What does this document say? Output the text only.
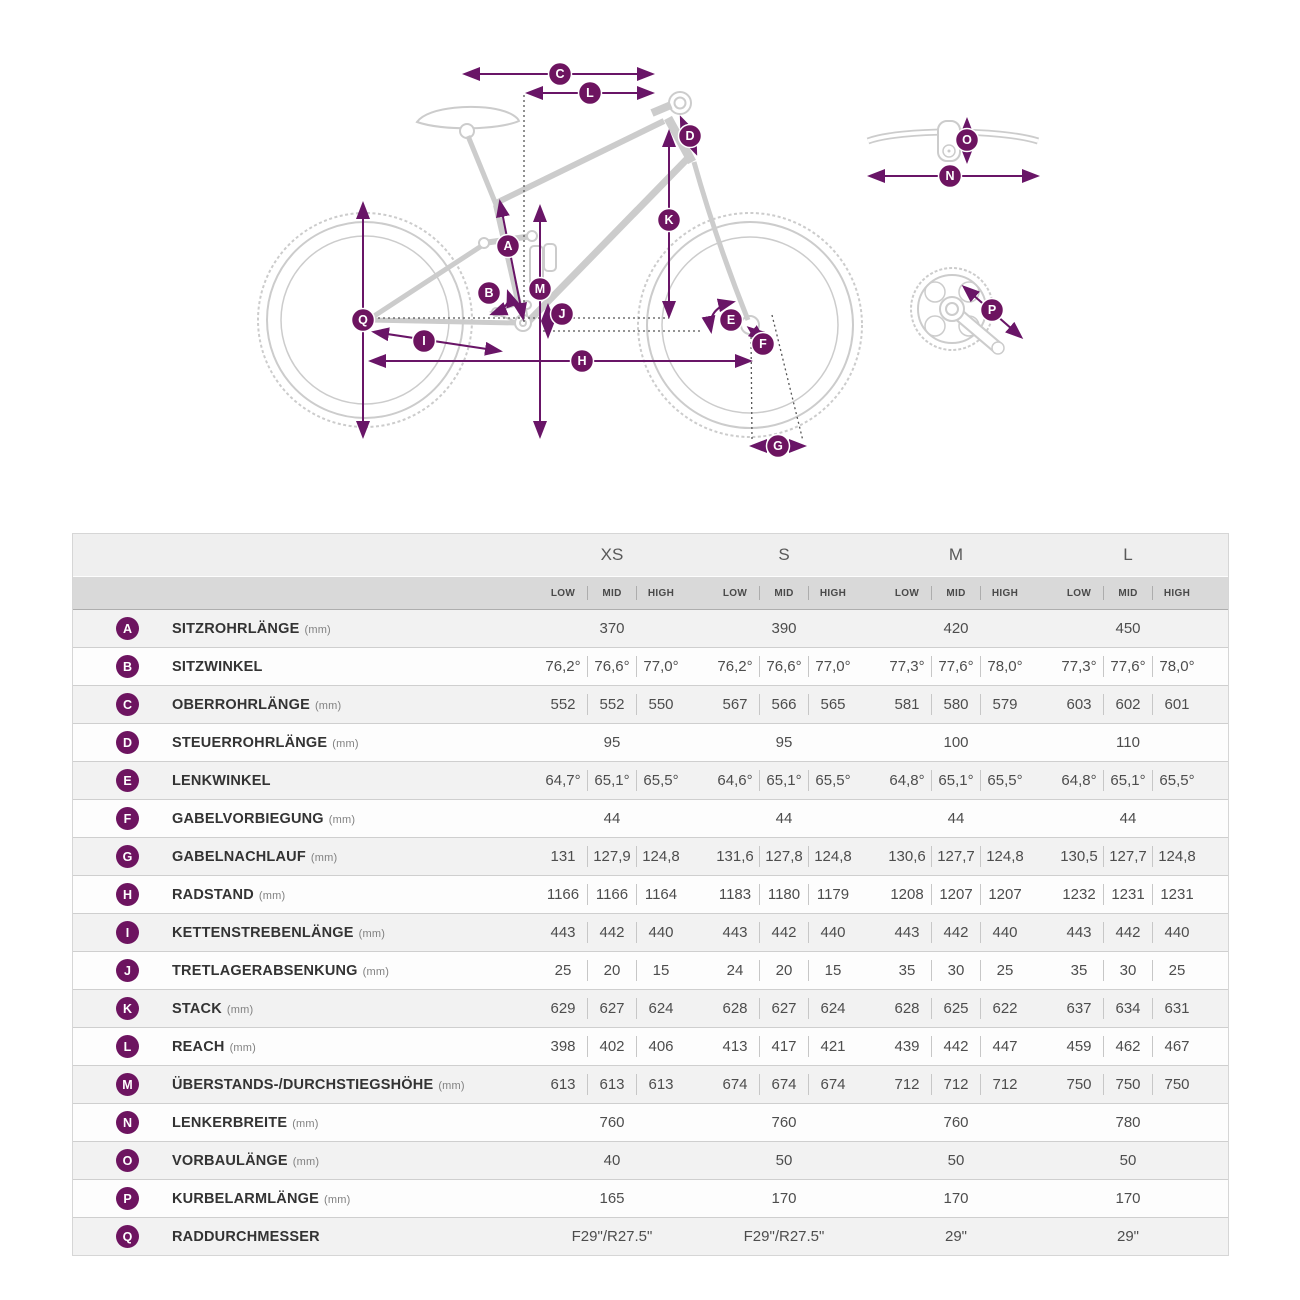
A
B
C
D
E
F
G
H
I
J
K
L
M
N
O
P
Q
XS	S	M	L
LOW	MID	HIGH	LOW	MID	HIGH	LOW	MID	HIGH	LOW	MID	HIGH
A	SITZROHRLÄNGE (mm)	370	390	420	450
B	SITZWINKEL	76,2° 76,6° 77,0°	76,2° 76,6° 77,0°	77,3° 77,6° 78,0°	77,3° 77,6° 78,0°
C	OBERROHRLÄNGE (mm)	552	552	550	567	566	565	581	580	579	603	602	601
D	STEUERROHRLÄNGE (mm)	95	95	100	110
E	LENKWINKEL	64,7° 65,1° 65,5°	64,6° 65,1° 65,5°	64,8° 65,1° 65,5°	64,8° 65,1° 65,5°
F	GABELVORBIEGUNG (mm)	44	44	44	44
G	GABELNACHLAUF (mm)	131	127,9 124,8	131,6 127,8 124,8	130,6 127,7 124,8	130,5 127,7 124,8
H	RADSTAND (mm)	1166	1166	1164	1183	1180	1179	1208	1207	1207	1232	1231	1231
I	KETTENSTREBENLÄNGE (mm)	443	442	440	443	442	440	443	442	440	443	442	440
J	TRETLAGERABSENKUNG (mm)	25	20	15	24	20	15	35	30	25	35	30	25
K	STACK (mm)	629	627	624	628	627	624	628	625	622	637	634	631
L	REACH (mm)	398	402	406	413	417	421	439	442	447	459	462	467
M	ÜBERSTANDS-/DURCHSTIEGSHÖHE (mm)	613	613	613	674	674	674	712	712	712	750	750	750
N	LENKERBREITE (mm)	760	760	760	780
O	VORBAULÄNGE (mm)	40	50	50	50
P	KURBELARMLÄNGE (mm)	165	170	170	170
Q	RADDURCHMESSER	F29"/R27.5"	F29"/R27.5"	29"	29"
